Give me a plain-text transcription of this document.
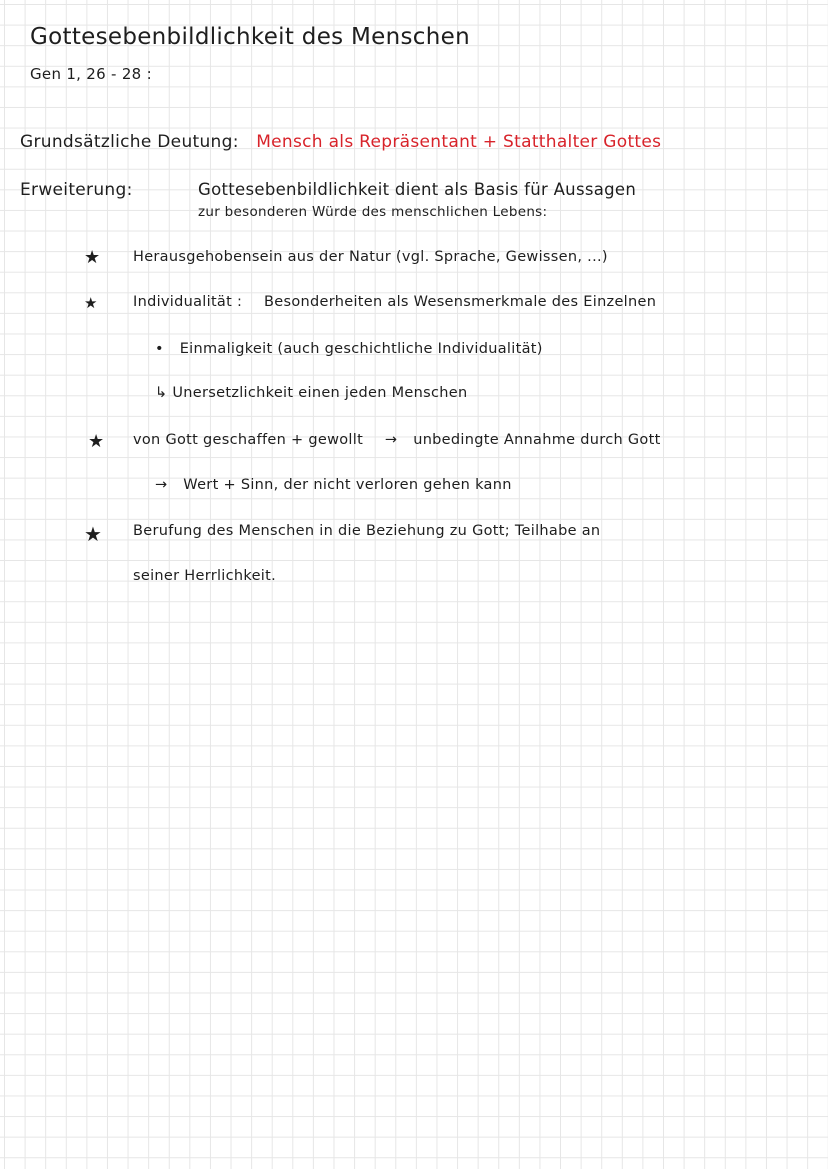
Gottesebenbildlichkeit des Menschen
Gen 1, 26 - 28 :
Grundsätzliche Deutung: Mensch als Repräsentant + Statthalter Gottes
Erweiterung:	Gottesebenbildlichkeit dient als Basis für Aussagen
zur besonderen Würde des menschlichen Lebens:
★ Herausgehobensein aus der Natur (vgl. Sprache, Gewissen, ...)
★ Individualität : Besonderheiten als Wesensmerkmale des Einzelnen
• Einmaligkeit (auch geschichtliche Individualität)
↳ Unersetzlichkeit einen jeden Menschen
★ von Gott geschaffen + gewollt → unbedingte Annahme durch Gott
→ Wert + Sinn, der nicht verloren gehen kann
★ Berufung des Menschen in die Beziehung zu Gott; Teilhabe an
seiner Herrlichkeit.
